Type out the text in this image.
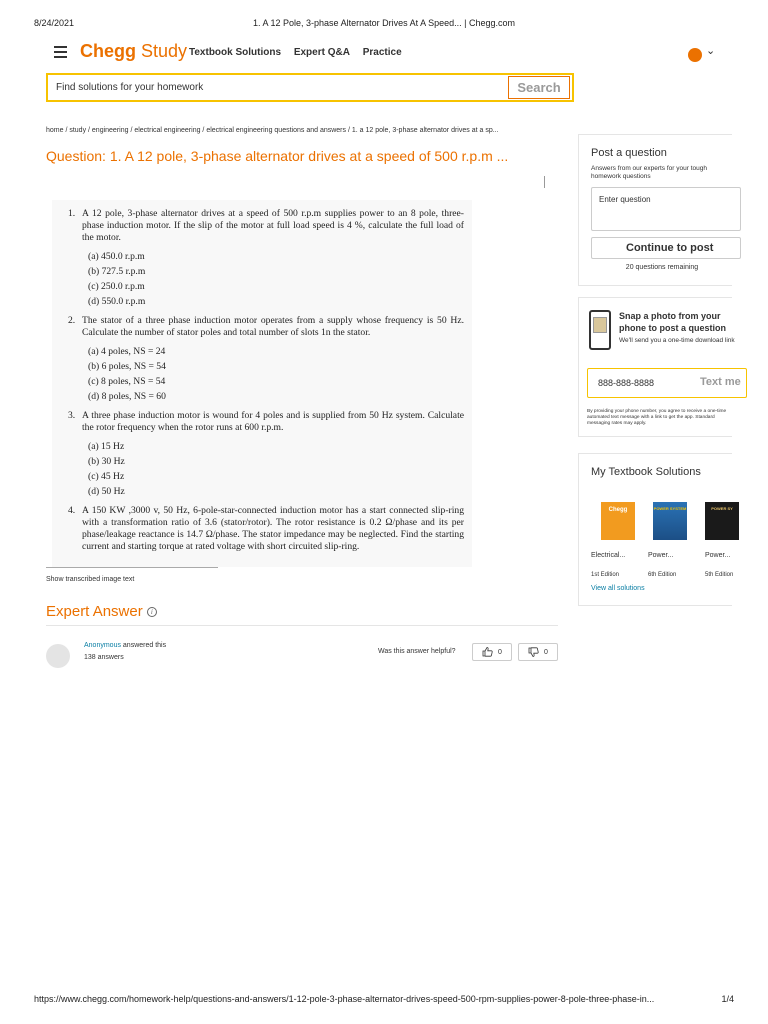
8/24/2021	1. A 12 Pole, 3-phase Alternator Drives At A Speed... | Chegg.com
Chegg Study Textbook Solutions Expert Q&A Practice	⌄
Find solutions for your homework
Search
home / study / engineering / electrical engineering / electrical engineering questions and answers / 1. a 12 pole, 3-phase alternator drives at a sp...
Question: 1. A 12 pole, 3-phase alternator drives at a speed of 500 r.p.m ...
1. A 12 pole, 3-phase alternator drives at a speed of 500 r.p.m supplies power to an 8 pole, three-phase induction motor. If the slip of the motor at full load speed is 4 %, calculate the full load of the motor.
(a) 450.0 r.p.m
(b) 727.5 r.p.m
(c) 250.0 r.p.m
(d) 550.0 r.p.m
2. The stator of a three phase induction motor operates from a supply whose frequency is 50 Hz. Calculate the number of stator poles and total number of slots 1n the stator.
(a) 4 poles, NS = 24
(b) 6 poles, NS = 54
(c) 8 poles, NS = 54
(d) 8 poles, NS = 60
3. A three phase induction motor is wound for 4 poles and is supplied from 50 Hz system. Calculate the rotor frequency when the rotor runs at 600 r.p.m.
(a) 15 Hz
(b) 30 Hz
(c) 45 Hz
(d) 50 Hz
4. A 150 KW ,3000 v, 50 Hz, 6-pole-star-connected induction motor has a start connected slip-ring with a transformation ratio of 3.6 (stator/rotor). The rotor resistance is 0.2 Ω/phase and its per phase/leakage reactance is 14.7 Ω/phase. The stator impedance may be neglected. Find the starting current and starting torque at rated voltage with short circuited slip-ring.
Show transcribed image text
Expert Answer i
Anonymous answered this
138 answers
Was this answer helpful?	0	0
Post a question
Answers from our experts for your tough homework questions
Enter question
Continue to post
20 questions remaining
Snap a photo from your phone to post a question
We'll send you a one-time download link
888-888-8888
Text me
By providing your phone number, you agree to receive a one-time automated text message with a link to get the app. Standard messaging rates may apply.
My Textbook Solutions
Chegg	POWER SYSTEM	POWER SY
Electrical...	Power...	Power...
1st Edition	6th Edition	5th Edition
View all solutions
https://www.chegg.com/homework-help/questions-and-answers/1-12-pole-3-phase-alternator-drives-speed-500-rpm-supplies-power-8-pole-three-phase-in...	1/4
